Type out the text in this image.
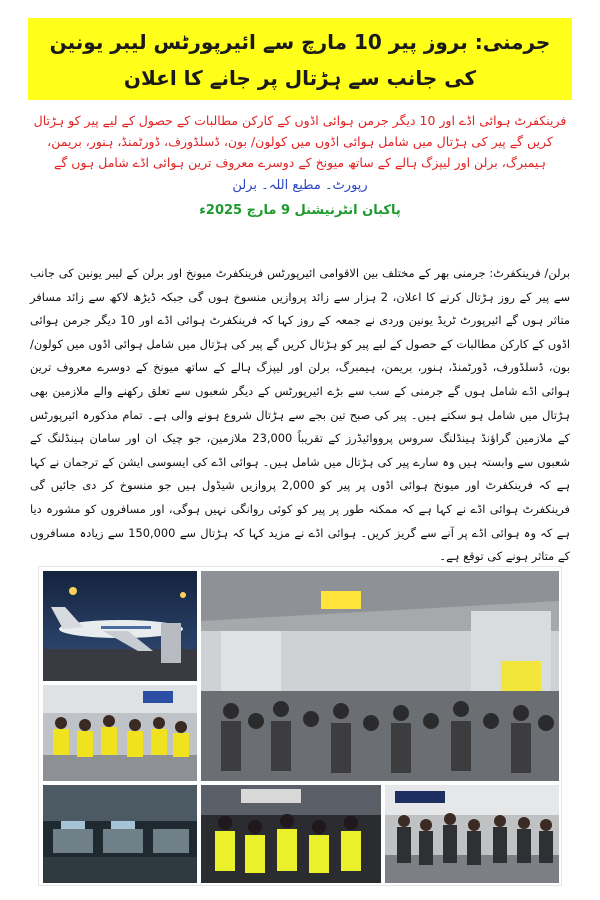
جرمنی: بروز پیر 10 مارچ سے ائیرپورٹس لیبر یونین کی جانب سے ہڑتال پر جانے کا اعلان
فرینکفرٹ ہوائی اڈے اور 10 دیگر جرمن ہوائی اڈوں کے کارکن مطالبات کے حصول کے لیے پیر کو ہڑتال کریں گے پیر کی ہڑتال میں شامل ہوائی اڈوں میں کولون/ بون، ڈسلڈورف، ڈورٹمنڈ، ہنور، بریمن، ہیمبرگ، برلن اور لیپزگ ہالے کے ساتھ میونخ کے دوسرے معروف ترین ہوائی اڈے شامل ہوں گے
رپورٹ۔ مطیع اللہ۔ برلن
پاکبان انٹرنیشنل 9 مارچ 2025ء
برلن/ فرینکفرٹ: جرمنی بھر کے مختلف بین الاقوامی ائیرپورٹس فرینکفرٹ میونخ اور برلن کے لیبر یونین کی جانب سے پیر کے روز ہڑتال کرنے کا اعلان، 2 ہزار سے زائد پروازیں منسوخ ہوں گی جبکہ ڈیڑھ لاکھ سے زائد مسافر متاثر ہوں گے ائیرپورٹ ٹریڈ یونین وردی نے جمعہ کے روز کہا کہ فرینکفرٹ ہوائی اڈے اور 10 دیگر جرمن ہوائی اڈوں کے کارکن مطالبات کے حصول کے لیے پیر کو ہڑتال کریں گے پیر کی ہڑتال میں شامل ہوائی اڈوں میں کولون/ بون، ڈسلڈورف، ڈورٹمنڈ، ہنور، بریمن، ہیمبرگ، برلن اور لیپزگ ہالے کے ساتھ میونخ کے دوسرے معروف ترین ہوائی اڈے شامل ہوں گے جرمنی کے سب سے بڑے ائیرپورٹس کے دیگر شعبوں سے تعلق رکھنے والے ملازمین بھی ہڑتال میں شامل ہو سکتے ہیں۔ پیر کی صبح تین بجے سے ہڑتال شروع ہونے والی ہے۔ تمام مذکورہ ائیرپورٹس کے ملازمین گراؤنڈ ہینڈلنگ سروس پرووائیڈرز کے تقریباً 23,000 ملازمین، جو چیک ان اور سامان ہینڈلنگ کے شعبوں سے وابستہ ہیں وہ سارے پیر کی ہڑتال میں شامل ہیں۔ ہوائی اڈے کی ایسوسی ایشن کے ترجمان نے کہا ہے کہ فرینکفرٹ اور میونخ ہوائی اڈوں پر پیر کو 2,000 پروازیں شیڈول ہیں جو منسوخ کر دی جائیں گی فرینکفرٹ ہوائی اڈے نے کہا ہے کہ ممکنہ طور پر پیر کو کوئی روانگی نہیں ہوگی، اور مسافروں کو مشورہ دیا ہے کہ وہ ہوائی اڈے پر آنے سے گریز کریں۔ ہوائی اڈے نے مزید کہا کہ ہڑتال سے 150,000 سے زیادہ مسافروں کے متاثر ہونے کی توقع ہے۔
